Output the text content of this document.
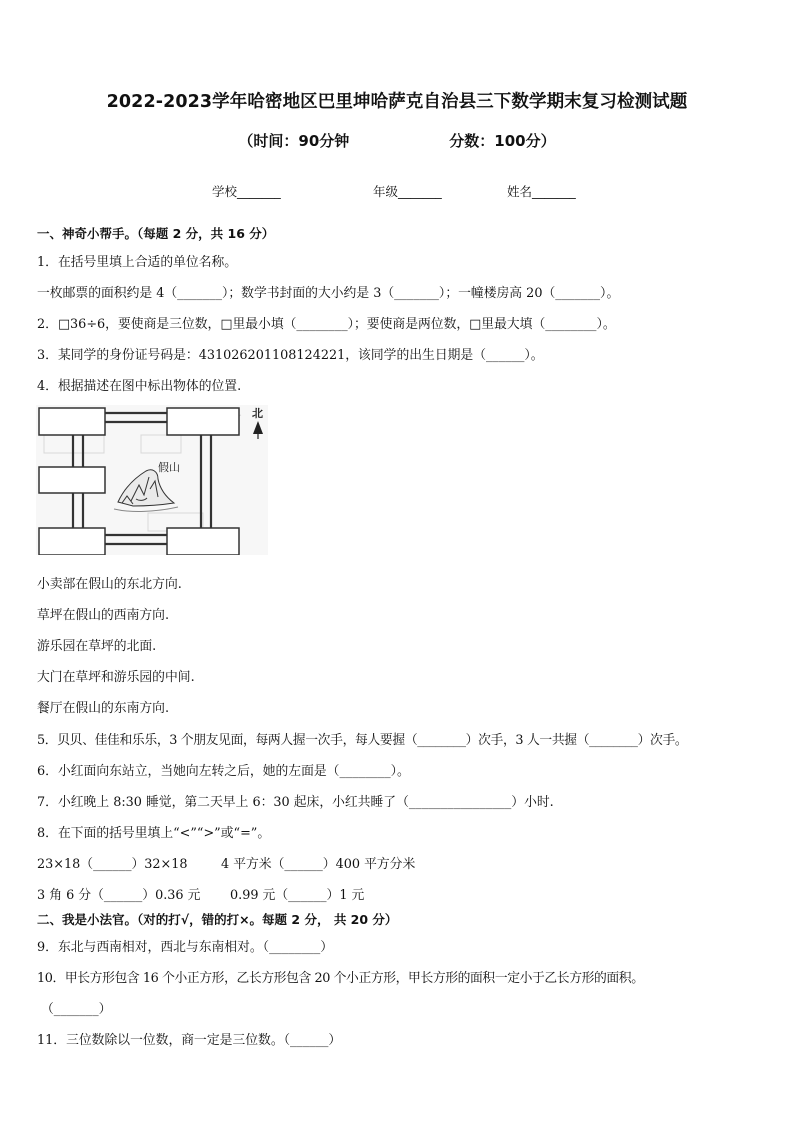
2022-2023学年哈密地区巴里坤哈萨克自治县三下数学期末复习检测试题
（时间：90分钟	分数：100分）
学校_______	年级_______	姓名_______
一、神奇小帮手。（每题 2 分，共 16 分）
1．在括号里填上合适的单位名称。
一枚邮票的面积约是 4（_______）；数学书封面的大小约是 3（_______）；一幢楼房高 20（_______）。
2．□36÷6，要使商是三位数，□里最小填（________）；要使商是两位数，□里最大填（________）。
3．某同学的身份证号码是：431026201108124221，该同学的出生日期是（______）。
4．根据描述在图中标出物体的位置.
北
假山
小卖部在假山的东北方向.
草坪在假山的西南方向.
游乐园在草坪的北面.
大门在草坪和游乐园的中间.
餐厅在假山的东南方向.
5．贝贝、佳佳和乐乐，3 个朋友见面，每两人握一次手，每人要握（________）次手，3 人一共握（________）次手。
6．小红面向东站立，当她向左转之后，她的左面是（________）。
7．小红晚上 8:30 睡觉，第二天早上 6：30 起床，小红共睡了（________________）小时.
8．在下面的括号里填上“<”“>”或“=”。
23×18（______）32×18	4 平方米（______）400 平方分米
3 角 6 分（______）0.36 元 0.99 元（______）1 元
二、我是小法官。（对的打√，错的打×。每题 2 分， 共 20 分）
9．东北与西南相对，西北与东南相对。（________）
10．甲长方形包含 16 个小正方形，乙长方形包含 20 个小正方形，甲长方形的面积一定小于乙长方形的面积。
（_______）
11．三位数除以一位数，商一定是三位数。（______）
